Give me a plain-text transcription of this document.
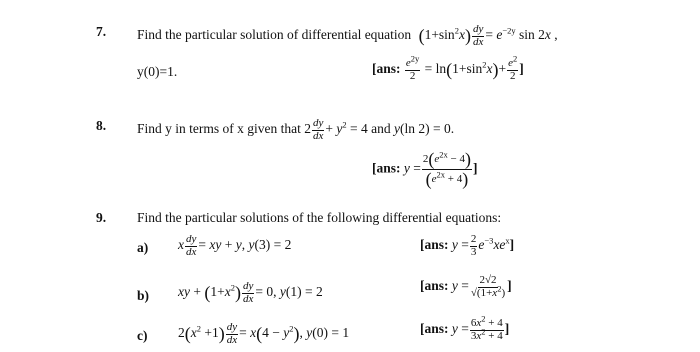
7. Find the particular solution of differential equation $(1+\sin^2x) \frac{dy}{dx} = e^{-2y}$ sin 2x ,
y(0)=1.	[ans: $\frac{e^{2y}}{2} = \ln(1+\sin^2x)+ \frac{e^2}{2}$ ]
8. Find y in terms of x given that $2 \frac{dy}{dx} + y^2 = 4$ and y(ln 2) = 0.
[ans: $y = \frac{2(e^{2x} - 4)}{(e^{2x} + 4)}$ ]
9. Find the particular solutions of the following differential equations:
a) x $\frac{dy}{dx}$ = xy + y, y(3) = 2	[ans: $y = \frac{2}{3} e^{-3}xe^x$]
b) xy + $(1+x^2) \frac{dy}{dx} = 0$, y(1) = 2	[ans: $y = \frac{2√2}{√(1+x^2)}$ ]
c) $2(x^2 +1) \frac{dy}{dx} = x(4 - y^2)$, y(0) = 1	[ans: $y = \frac{6x^2 + 4}{3x^2 + 4}$ ]
